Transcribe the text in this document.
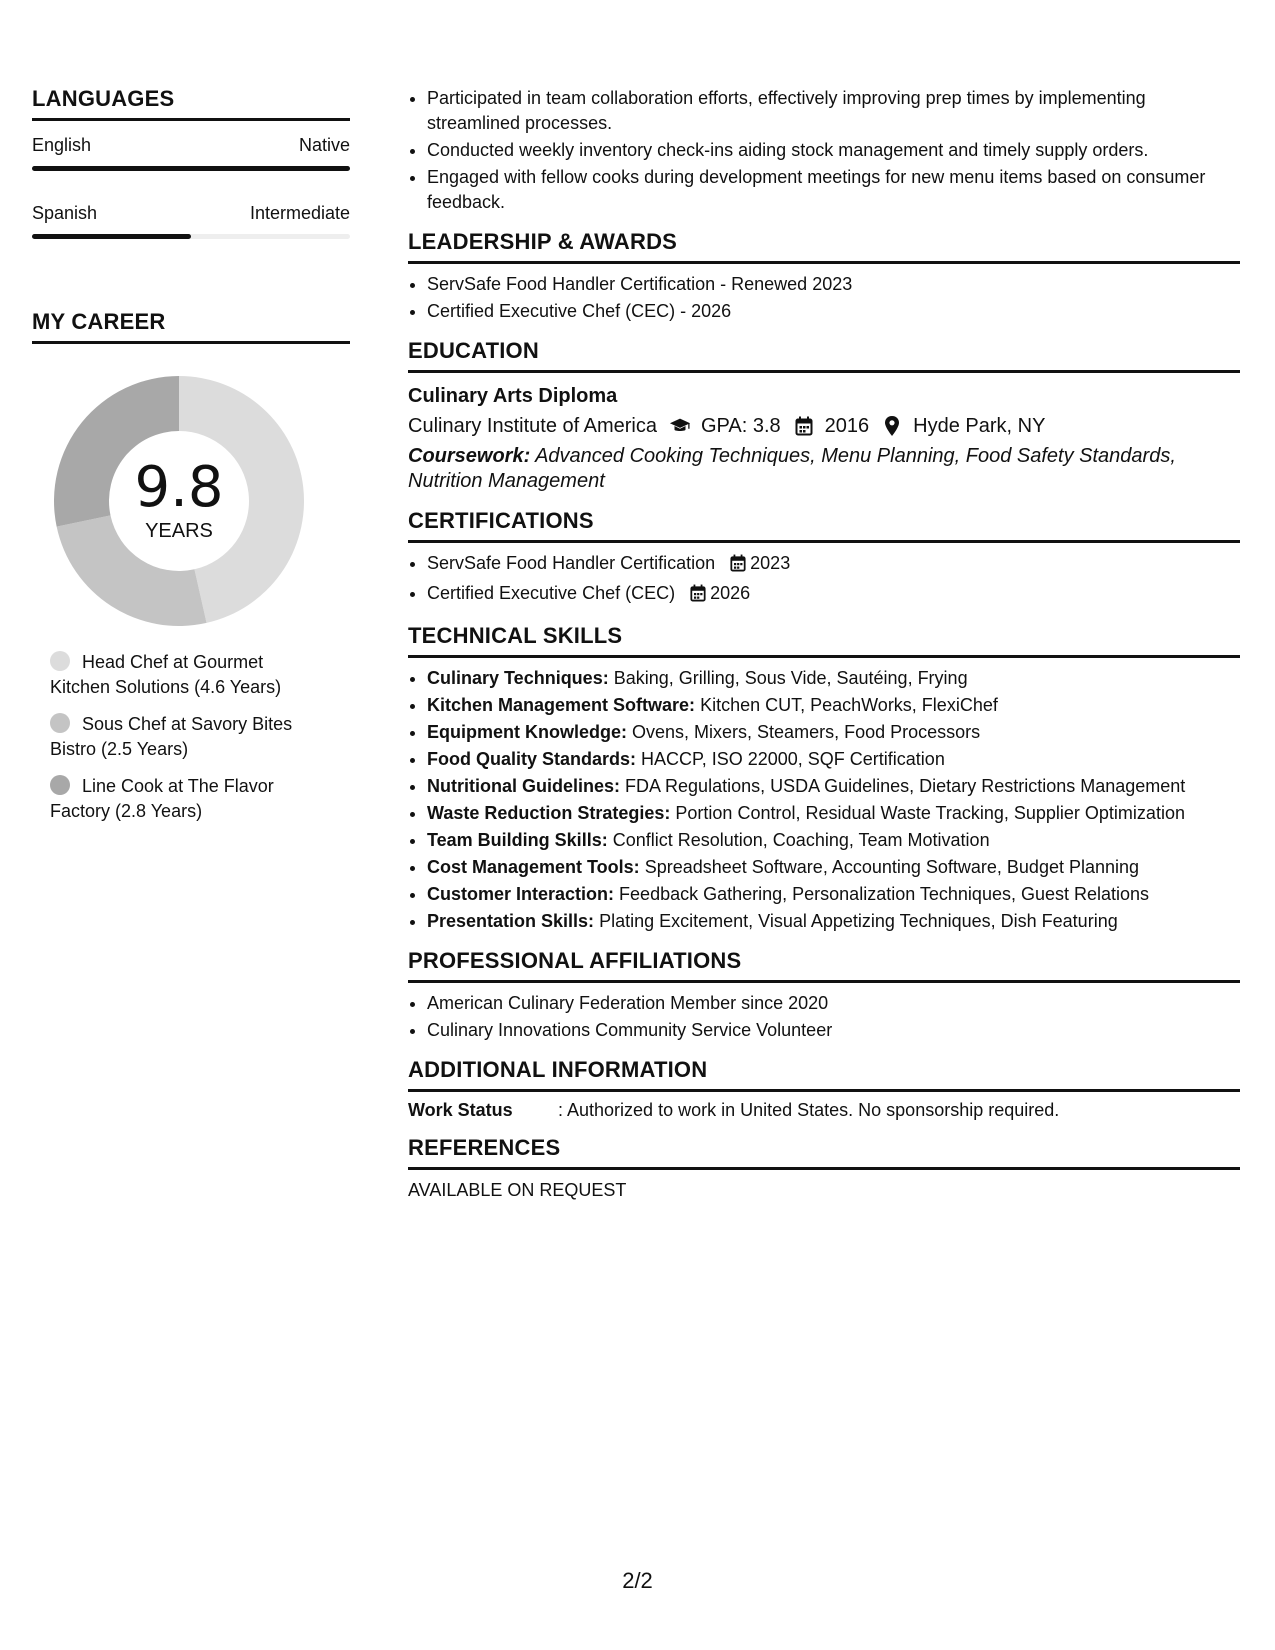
LANGUAGES
English	Native
Spanish	Intermediate
MY CAREER
9.8
YEARS
Head Chef at Gourmet Kitchen Solutions (4.6 Years)
Sous Chef at Savory Bites Bistro (2.5 Years)
Line Cook at The Flavor Factory (2.8 Years)
• Participated in team collaboration efforts, effectively improving prep times by implementing streamlined processes.
• Conducted weekly inventory check-ins aiding stock management and timely supply orders.
• Engaged with fellow cooks during development meetings for new menu items based on consumer feedback.
LEADERSHIP & AWARDS
• ServSafe Food Handler Certification - Renewed 2023
• Certified Executive Chef (CEC) - 2026
EDUCATION
Culinary Arts Diploma
Culinary Institute of America GPA: 3.8 2016 Hyde Park, NY
Coursework: Advanced Cooking Techniques, Menu Planning, Food Safety Standards, Nutrition Management
CERTIFICATIONS
• ServSafe Food Handler Certification 2023
• Certified Executive Chef (CEC) 2026
TECHNICAL SKILLS
• Culinary Techniques: Baking, Grilling, Sous Vide, Sautéing, Frying
• Kitchen Management Software: Kitchen CUT, PeachWorks, FlexiChef
• Equipment Knowledge: Ovens, Mixers, Steamers, Food Processors
• Food Quality Standards: HACCP, ISO 22000, SQF Certification
• Nutritional Guidelines: FDA Regulations, USDA Guidelines, Dietary Restrictions Management
• Waste Reduction Strategies: Portion Control, Residual Waste Tracking, Supplier Optimization
• Team Building Skills: Conflict Resolution, Coaching, Team Motivation
• Cost Management Tools: Spreadsheet Software, Accounting Software, Budget Planning
• Customer Interaction: Feedback Gathering, Personalization Techniques, Guest Relations
• Presentation Skills: Plating Excitement, Visual Appetizing Techniques, Dish Featuring
PROFESSIONAL AFFILIATIONS
• American Culinary Federation Member since 2020
• Culinary Innovations Community Service Volunteer
ADDITIONAL INFORMATION
Work Status	: Authorized to work in United States. No sponsorship required.
REFERENCES
AVAILABLE ON REQUEST
2/2
